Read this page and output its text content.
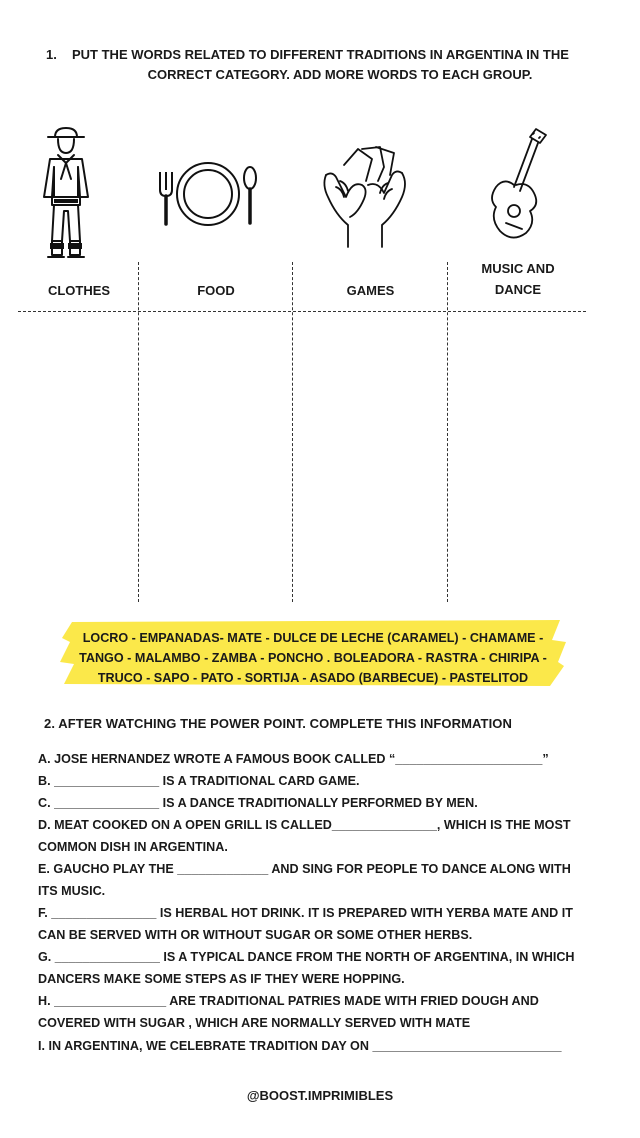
1. PUT THE WORDS RELATED TO DIFFERENT TRADITIONS IN ARGENTINA IN THE
CORRECT CATEGORY. ADD MORE WORDS TO EACH GROUP.
CLOTHES	FOOD	GAMES
MUSIC AND
DANCE
LOCRO - EMPANADAS- MATE - DULCE DE LECHE (CARAMEL) - CHAMAME -
TANGO - MALAMBO - ZAMBA - PONCHO . BOLEADORA - RASTRA - CHIRIPA -
TRUCO - SAPO - PATO - SORTIJA - ASADO (BARBECUE) - PASTELITOD
2. AFTER WATCHING THE POWER POINT. COMPLETE THIS INFORMATION
A. JOSE HERNANDEZ WROTE A FAMOUS BOOK CALLED “_____________________”
B. _______________ IS A TRADITIONAL CARD GAME.
C. _______________ IS A DANCE TRADITIONALLY PERFORMED BY MEN.
D. MEAT COOKED ON A OPEN GRILL IS CALLED_______________, WHICH IS THE MOST
COMMON DISH IN ARGENTINA.
E. GAUCHO PLAY THE _____________ AND SING FOR PEOPLE TO DANCE ALONG WITH
ITS MUSIC.
F. _______________ IS HERBAL HOT DRINK. IT IS PREPARED WITH YERBA MATE AND IT
CAN BE SERVED WITH OR WITHOUT SUGAR OR SOME OTHER HERBS.
G. _______________ IS A TYPICAL DANCE FROM THE NORTH OF ARGENTINA, IN WHICH
DANCERS MAKE SOME STEPS AS IF THEY WERE HOPPING.
H. ________________ ARE TRADITIONAL PATRIES MADE WITH FRIED DOUGH AND
COVERED WITH SUGAR , WHICH ARE NORMALLY SERVED WITH MATE
I. IN ARGENTINA, WE CELEBRATE TRADITION DAY ON ___________________________
@BOOST.IMPRIMIBLES
